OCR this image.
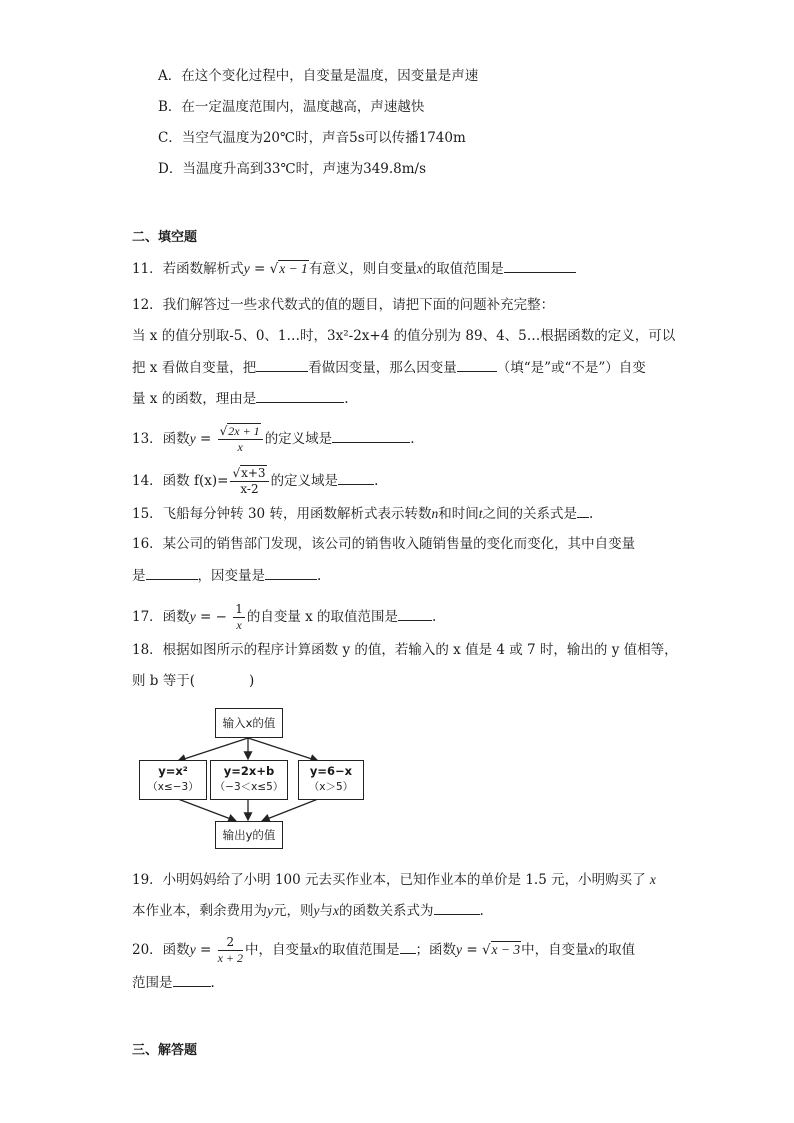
A．在这个变化过程中，自变量是温度，因变量是声速
B．在一定温度范围内，温度越高，声速越快
C．当空气温度为20℃时，声音5s可以传播1740m
D．当温度升高到33℃时，声速为349.8m/s
二、填空题
11．若函数解析式y = √x − 1有意义，则自变量x的取值范围是
12．我们解答过一些求代数式的值的题目，请把下面的问题补充完整：
当 x 的值分别取-5、0、1…时，3x²-2x+4 的值分别为 89、4、5…根据函数的定义，可以
把 x 看做自变量，把	看做因变量，那么因变量	（填“是”或“不是”）自变
量 x 的函数，理由是	.
13．函数$y = \frac{√2x + 1}{x}$ 的定义域是	.
14．函数 $f(x)= \frac{√x+3}{x-2}$ 的定义域是	.
15．飞船每分钟转 30 转，用函数解析式表示转数n和时间t之间的关系式是 .
16．某公司的销售部门发现，该公司的销售收入随销售量的变化而变化，其中自变量
是	，因变量是	.
17．函数y = − $\frac{1}{x}$ 的自变量 x 的取值范围是	.
18．根据如图所示的程序计算函数 y 的值，若输入的 x 值是 4 或 7 时，输出的 y 值相等，
则 b 等于(　　　　)
输入x的值
y=x²
（x≤−3）
y=2x+b
（−3＜x≤5）
y=6−x
（x＞5）
输出y的值
19．小明妈妈给了小明 100 元去买作业本，已知作业本的单价是 1.5 元，小明购买了 x
本作业本，剩余费用为y元，则y与x的函数关系式为	.
20．函数$y = \frac{2}{x + 2}$ 中，自变量x的取值范围是 ；函数y = √x − 3中，自变量x的取值
范围是	.
三、解答题
